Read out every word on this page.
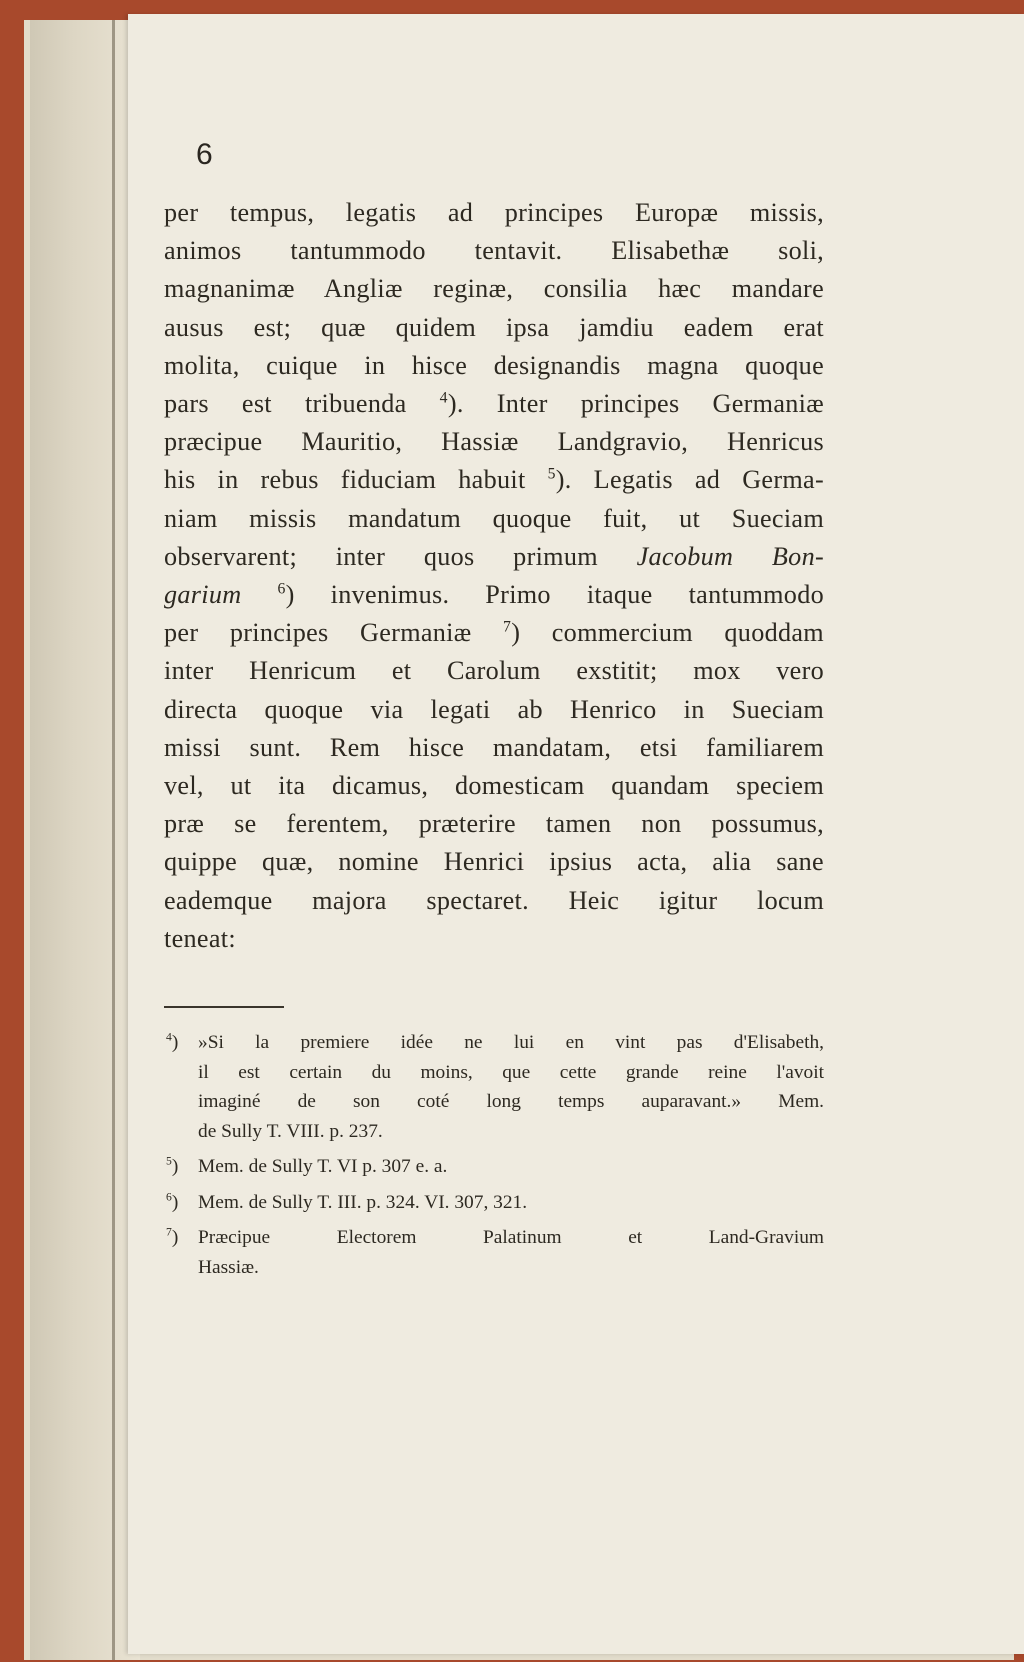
6
per tempus, legatis ad principes Europæ missis,
animos tantummodo tentavit. Elisabethæ soli,
magnanimæ Angliæ reginæ, consilia hæc mandare
ausus est; quæ quidem ipsa jamdiu eadem erat
molita, cuique in hisce designandis magna quoque
pars est tribuenda $^4$). Inter principes Germaniæ
præcipue Mauritio, Hassiæ Landgravio, Henricus
his in rebus fiduciam habuit $^5$). Legatis ad Germa-
niam missis mandatum quoque fuit, ut Sueciam
observarent; inter quos primum Jacobum Bon-
garium $^6$) invenimus. Primo itaque tantummodo
per principes Germaniæ $^7$) commercium quoddam
inter Henricum et Carolum exstitit; mox vero
directa quoque via legati ab Henrico in Sueciam
missi sunt. Rem hisce mandatam, etsi familiarem
vel, ut ita dicamus, domesticam quandam speciem
præ se ferentem, præterire tamen non possumus,
quippe quæ, nomine Henrici ipsius acta, alia sane
eademque majora spectaret. Heic igitur locum
teneat:
$^4$) »Si la premiere idée ne lui en vint pas d'Elisabeth,
il est certain du moins, que cette grande reine l'avoit
imaginé de son coté long temps auparavant.» Mem.
de Sully T. VIII. p. 237.
$^5$) Mem. de Sully T. VI p. 307 e. a.
$^6$) Mem. de Sully T. III. p. 324. VI. 307, 321.
$^7$) Præcipue Electorem Palatinum et Land-Gravium
Hassiæ.
